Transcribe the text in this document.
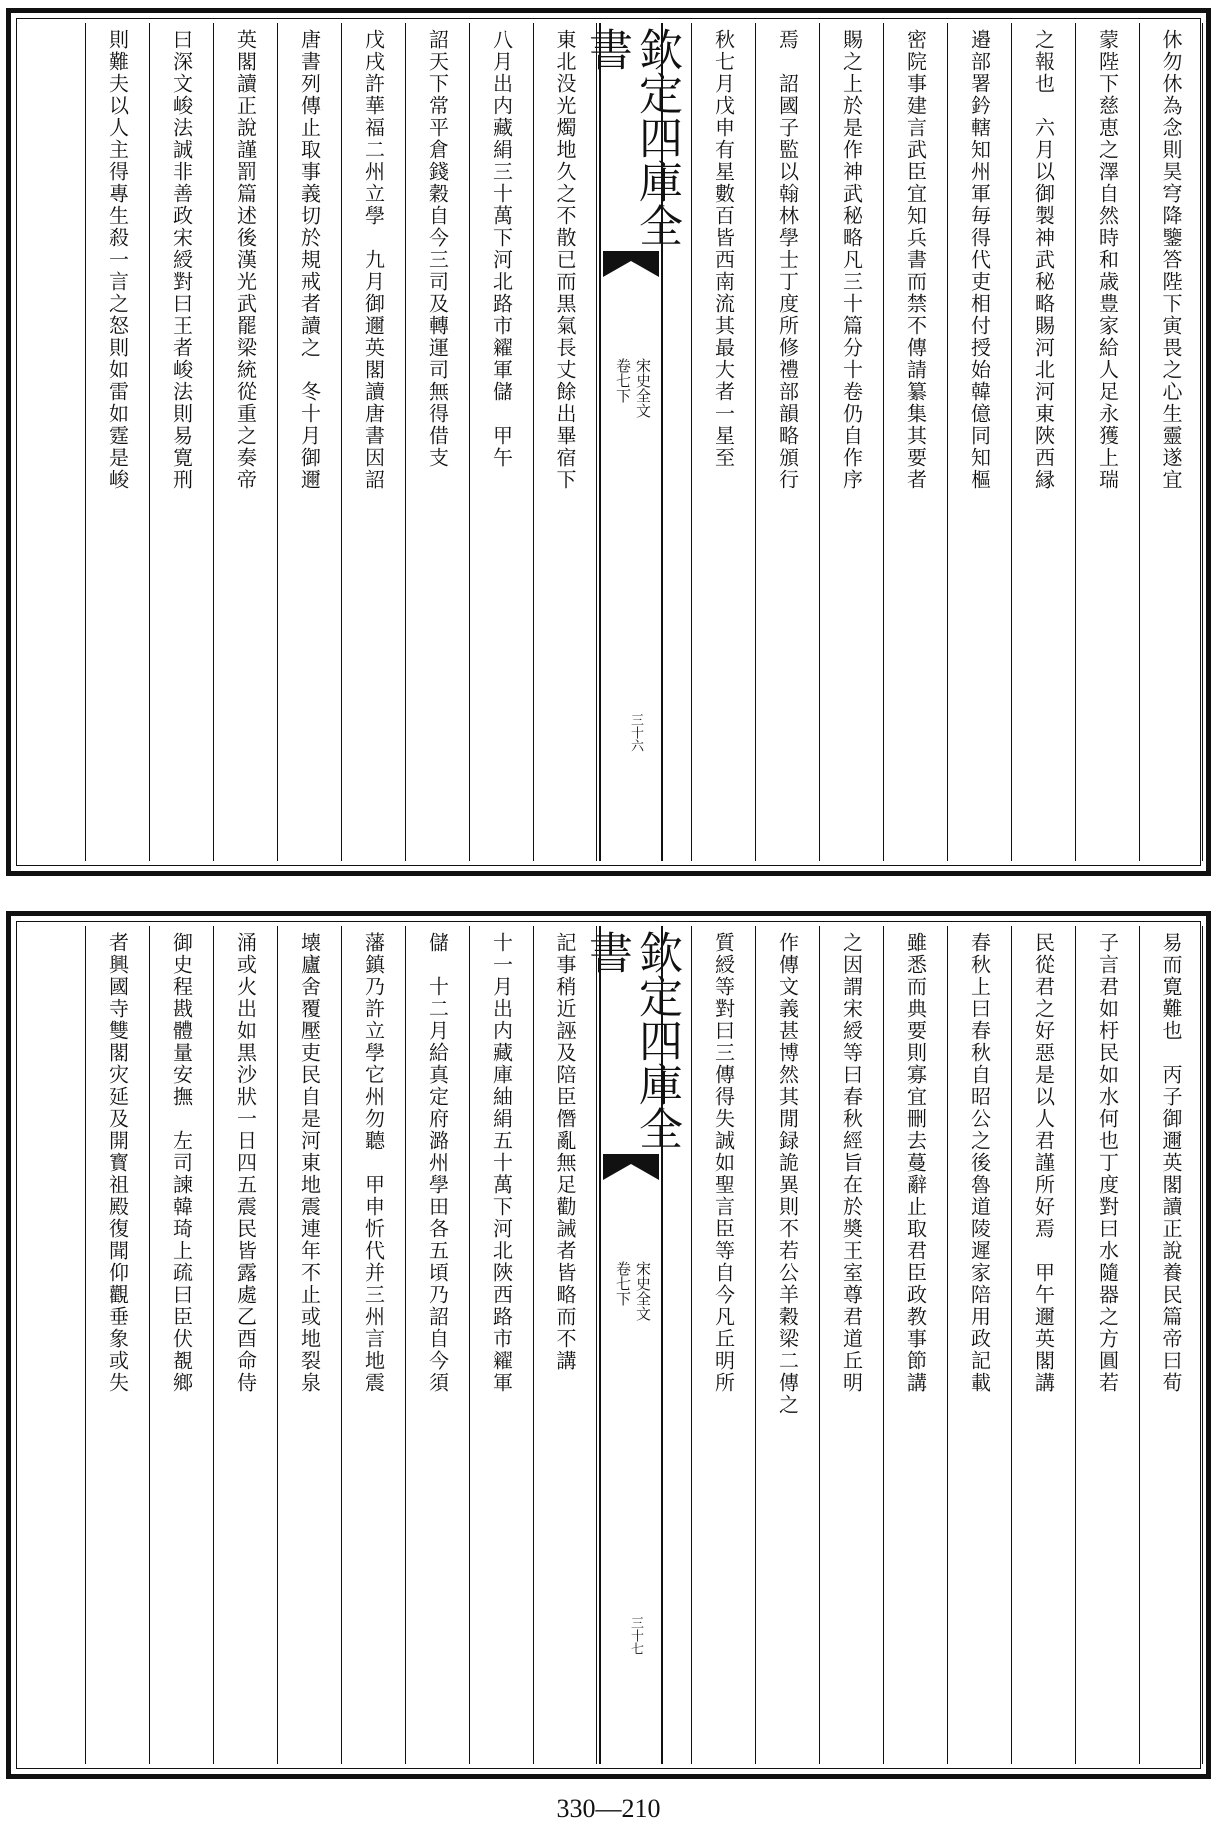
休勿休為念則昊穹降鑒答陛下寅畏之心生靈遂宜
蒙陛下慈恵之澤自然時和歳豊家給人足永獲上瑞
之報也　六月以御製神武秘略賜河北河東陜西縁
邉部署鈐轄知州軍毎得代吏相付授始韓億同知樞
密院事建言武臣宜知兵書而禁不傳請纂集其要者
賜之上於是作神武秘略凡三十篇分十卷仍自作序
焉　詔國子監以翰林學士丁度所修禮部韻略頒行
秋七月戊申有星數百皆西南流其最大者一星至
欽定四庫全書
宋史全文
卷七下
三十六
東北没光燭地久之不散已而黒氣長丈餘出畢宿下
八月出内藏絹三十萬下河北路市糴軍儲　甲午
詔天下常平倉錢穀自今三司及轉運司無得借支
戊戌許華福二州立學　九月御邇英閣讀唐書因詔
唐書列傳止取事義切於規戒者讀之　冬十月御邇
英閣讀正說謹罰篇述後漢光武罷梁統從重之奏帝
曰深文峻法誠非善政宋綬對曰王者峻法則易寛刑
則難夫以人主得專生殺一言之怒則如雷如霆是峻
易而寛難也　丙子御邇英閣讀正說養民篇帝曰荀
子言君如杅民如水何也丁度對曰水隨器之方圓若
民從君之好惡是以人君謹所好焉　甲午邇英閣講
春秋上曰春秋自昭公之後魯道陵遲家陪用政記載
雖悉而典要則寡宜刪去蔓辭止取君臣政教事節講
之因謂宋綬等曰春秋經旨在於奬王室尊君道丘明
作傳文義甚博然其閒録詭異則不若公羊穀梁二傳之
質綬等對曰三傳得失誠如聖言臣等自今凡丘明所
欽定四庫全書
宋史全文
卷七下
三十七
記事稍近誣及陪臣僭亂無足勸誡者皆略而不講
十一月出内藏庫紬絹五十萬下河北陜西路市糴軍
儲　十二月給真定府潞州學田各五頃乃詔自今須
藩鎮乃許立學它州勿聽　甲申忻代并三州言地震
壊廬舍覆壓吏民自是河東地震連年不止或地裂泉
涌或火出如黒沙狀一日四五震民皆露處乙酉命侍
御史程戡體量安撫　左司諫韓琦上疏曰臣伏覩鄉
者興國寺雙閣灾延及開寳祖殿復聞仰觀垂象或失
330—210
